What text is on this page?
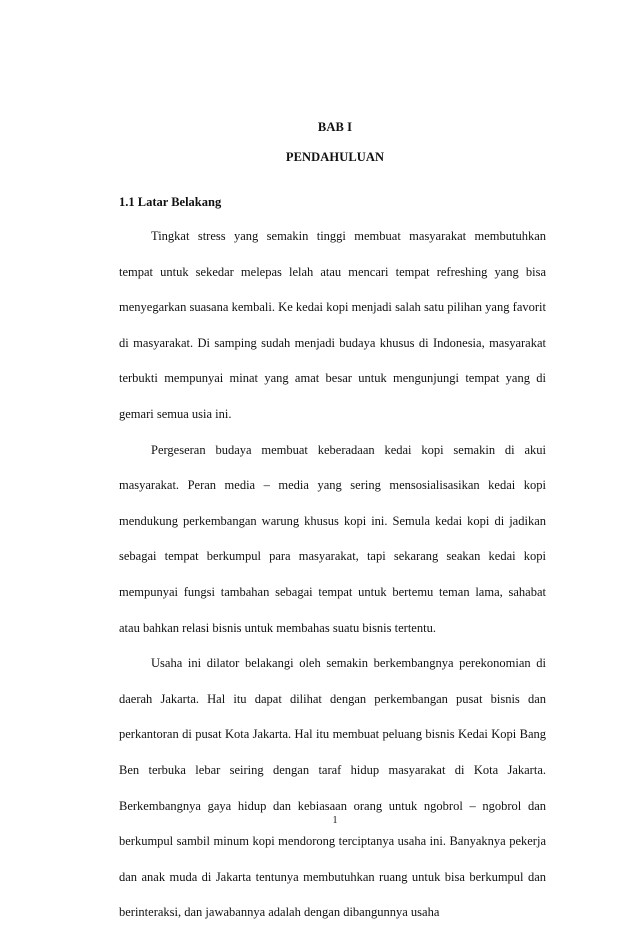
BAB I
PENDAHULUAN
1.1 Latar Belakang

Tingkat stress yang semakin tinggi membuat masyarakat membutuhkan tempat untuk sekedar melepas lelah atau mencari tempat refreshing yang bisa menyegarkan suasana kembali. Ke kedai kopi menjadi salah satu pilihan yang favorit di masyarakat. Di samping sudah menjadi budaya khusus di Indonesia, masyarakat terbukti mempunyai minat yang amat besar untuk mengunjungi tempat yang di gemari semua usia ini.

Pergeseran budaya membuat keberadaan kedai kopi semakin di akui masyarakat. Peran media – media yang sering mensosialisasikan kedai kopi mendukung perkembangan warung khusus kopi ini. Semula kedai kopi di jadikan sebagai tempat berkumpul para masyarakat, tapi sekarang seakan kedai kopi mempunyai fungsi tambahan sebagai tempat untuk bertemu teman lama, sahabat atau bahkan relasi bisnis untuk membahas suatu bisnis tertentu.

Usaha ini dilator belakangi oleh semakin berkembangnya perekonomian di daerah Jakarta. Hal itu dapat dilihat dengan perkembangan pusat bisnis dan perkantoran di pusat Kota Jakarta. Hal itu membuat peluang bisnis Kedai Kopi Bang Ben terbuka lebar seiring dengan taraf hidup masyarakat di Kota Jakarta. Berkembangnya gaya hidup dan kebiasaan orang untuk ngobrol – ngobrol dan berkumpul sambil minum kopi mendorong terciptanya usaha ini. Banyaknya pekerja dan anak muda di Jakarta tentunya membutuhkan ruang untuk bisa berkumpul dan berinteraksi, dan jawabannya adalah dengan dibangunnya usaha

1
